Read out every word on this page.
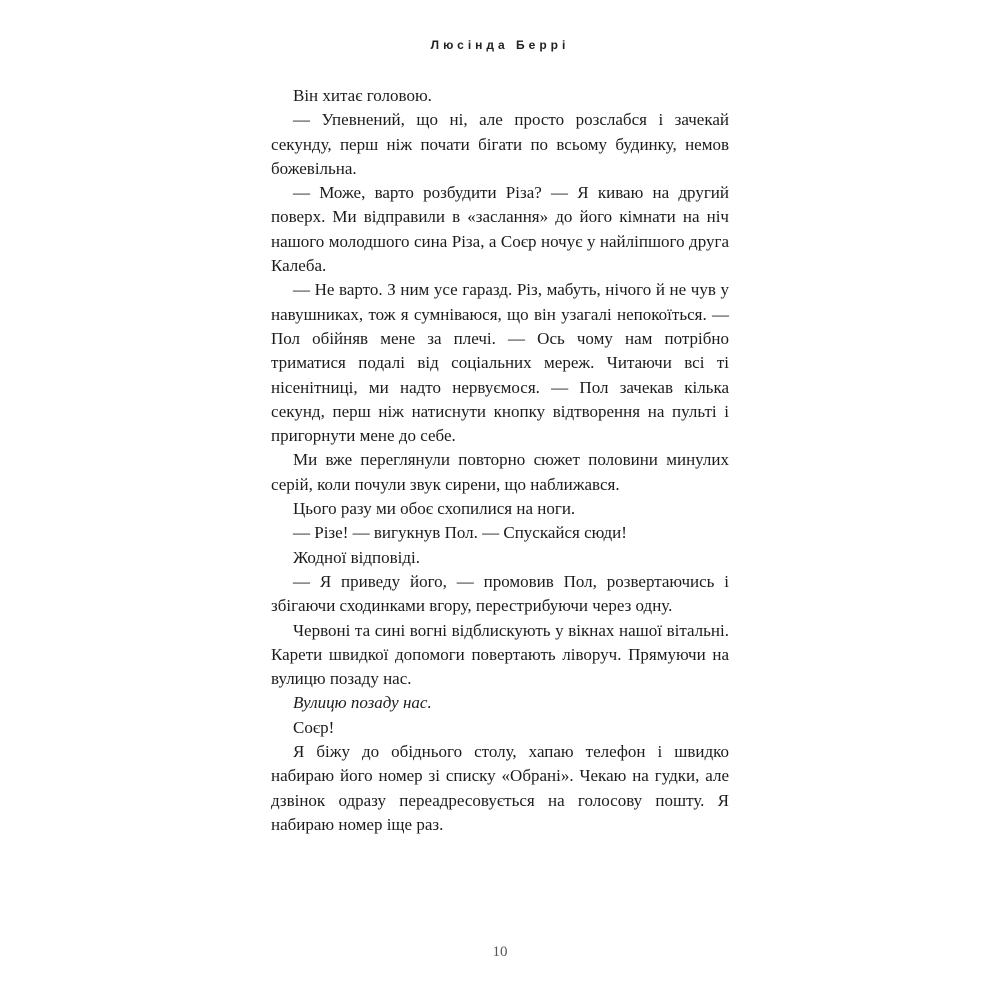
Люсінда Беррі

Він хитає головою.

— Упевнений, що ні, але просто розслабся і зачекай секунду, перш ніж почати бігати по всьому будинку, немов божевільна.

— Може, варто розбудити Різа? — Я киваю на другий поверх. Ми відправили в «заслання» до його кімнати на ніч нашого молодшого сина Різа, а Соєр ночує у найліпшого друга Калеба.

— Не варто. З ним усе гаразд. Різ, мабуть, нічого й не чув у навушниках, тож я сумніваюся, що він узагалі непокоїться. — Пол обійняв мене за плечі. — Ось чому нам потрібно триматися подалі від соціальних мереж. Читаючи всі ті нісенітниці, ми надто нервуємося. — Пол зачекав кілька секунд, перш ніж натиснути кнопку відтворення на пульті і пригорнути мене до себе.

Ми вже переглянули повторно сюжет половини минулих серій, коли почули звук сирени, що наближався.

Цього разу ми обоє схопилися на ноги.

— Різе! — вигукнув Пол. — Спускайся сюди!

Жодної відповіді.

— Я приведу його, — промовив Пол, розвертаючись і збігаючи сходинками вгору, перестрибуючи через одну.

Червоні та сині вогні відблискують у вікнах нашої вітальні. Карети швидкої допомоги повертають ліворуч. Прямуючи на вулицю позаду нас.

Вулицю позаду нас.

Соєр!

Я біжу до обіднього столу, хапаю телефон і швидко набираю його номер зі списку «Обрані». Чекаю на гудки, але дзвінок одразу переадресовується на голосову пошту. Я набираю номер іще раз.

10
